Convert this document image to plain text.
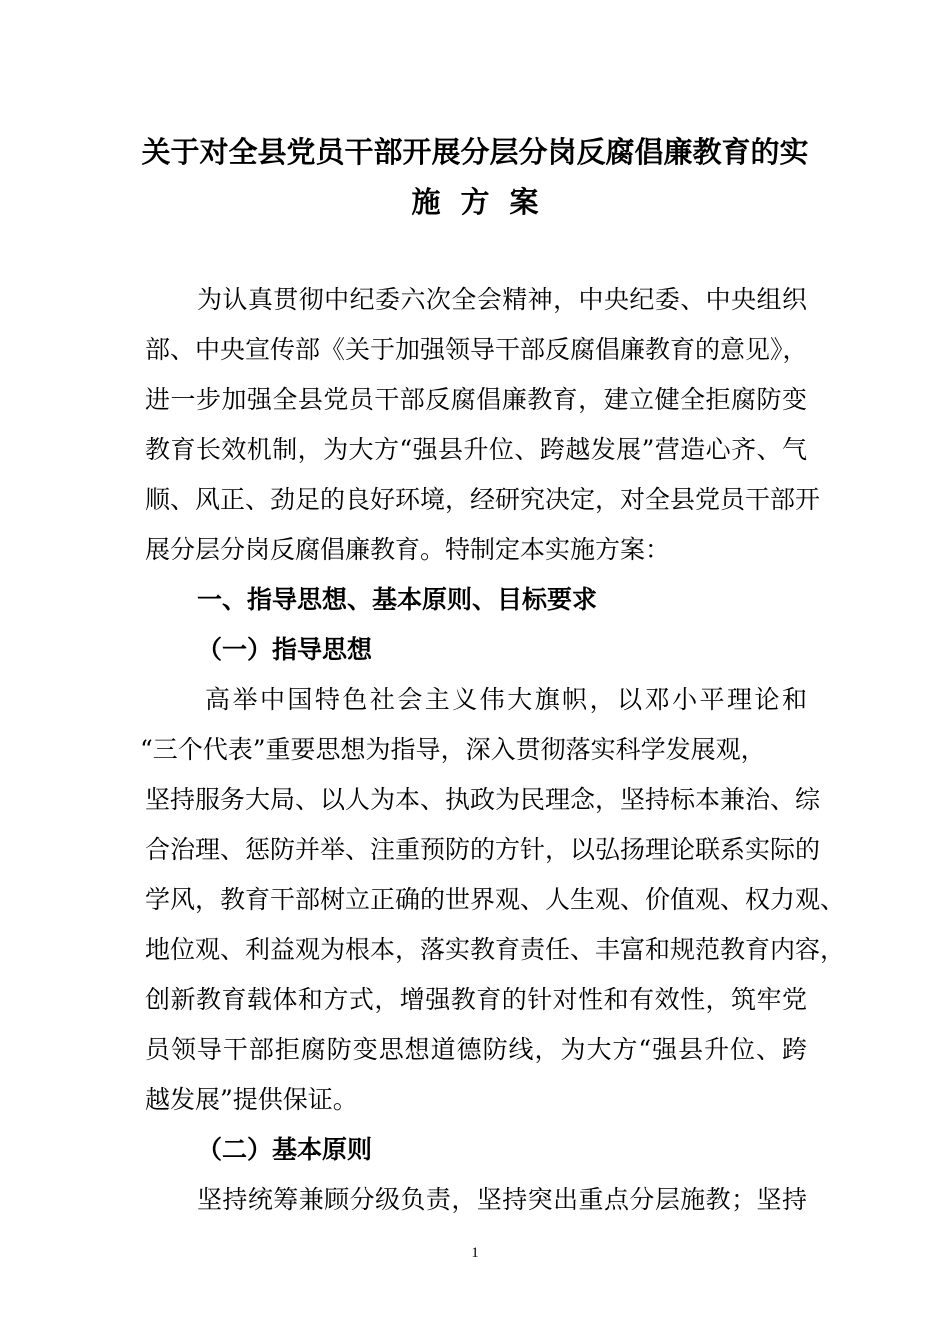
关于对全县党员干部开展分层分岗反腐倡廉教育的实
施方案
为认真贯彻中纪委六次全会精神，中央纪委、中央组织
部、中央宣传部《关于加强领导干部反腐倡廉教育的意见》，
进一步加强全县党员干部反腐倡廉教育，建立健全拒腐防变
教育长效机制，为大方“强县升位、跨越发展”营造心齐、气
顺、风正、劲足的良好环境，经研究决定，对全县党员干部开
展分层分岗反腐倡廉教育。特制定本实施方案：
一、指导思想、基本原则、目标要求
（一）指导思想
高举中国特色社会主义伟大旗帜，以邓小平理论和
“三个代表”重要思想为指导，深入贯彻落实科学发展观，
坚持服务大局、以人为本、执政为民理念，坚持标本兼治、综
合治理、惩防并举、注重预防的方针，以弘扬理论联系实际的
学风，教育干部树立正确的世界观、人生观、价值观、权力观、
地位观、利益观为根本，落实教育责任、丰富和规范教育内容，
创新教育载体和方式，增强教育的针对性和有效性，筑牢党
员领导干部拒腐防变思想道德防线，为大方“强县升位、跨
越发展”提供保证。
（二）基本原则
坚持统筹兼顾分级负责，坚持突出重点分层施教；坚持
1
